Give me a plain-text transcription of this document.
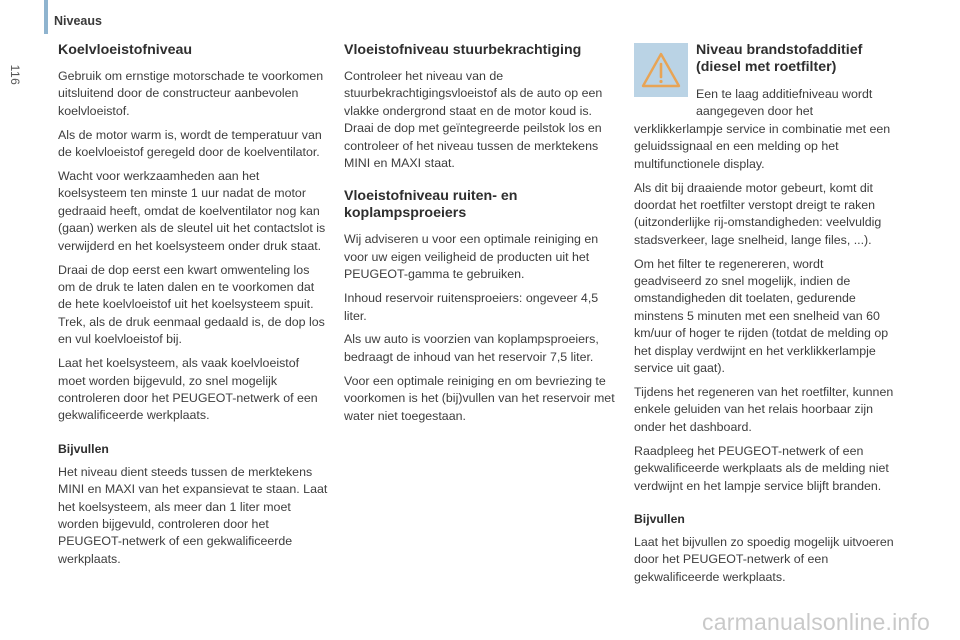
Niveaus
116
Koelvloeistofniveau

Gebruik om ernstige motorschade te voorkomen uitsluitend door de constructeur aanbevolen koelvloeistof.

Als de motor warm is, wordt de temperatuur van de koelvloeistof geregeld door de koelventilator.

Wacht voor werkzaamheden aan het koelsysteem ten minste 1 uur nadat de motor gedraaid heeft, omdat de koelventilator nog kan (gaan) werken als de sleutel uit het contactslot is verwijderd en het koelsysteem onder druk staat.

Draai de dop eerst een kwart omwenteling los om de druk te laten dalen en te voorkomen dat de hete koelvloeistof uit het koelsysteem spuit. Trek, als de druk eenmaal gedaald is, de dop los en vul koelvloeistof bij.

Laat het koelsysteem, als vaak koelvloeistof moet worden bijgevuld, zo snel mogelijk controleren door het PEUGEOT-netwerk of een gekwalificeerde werkplaats.

Bijvullen

Het niveau dient steeds tussen de merktekens MINI en MAXI van het expansievat te staan. Laat het koelsysteem, als meer dan 1 liter moet worden bijgevuld, controleren door het PEUGEOT-netwerk of een gekwalificeerde werkplaats.

Vloeistofniveau stuurbekrachtiging

Controleer het niveau van de stuurbekrachtigingsvloeistof als de auto op een vlakke ondergrond staat en de motor koud is. Draai de dop met geïntegreerde peilstok los en controleer of het niveau tussen de merktekens MINI en MAXI staat.

Vloeistofniveau ruiten- en koplampsproeiers

Wij adviseren u voor een optimale reiniging en voor uw eigen veiligheid de producten uit het PEUGEOT-gamma te gebruiken.

Inhoud reservoir ruitensproeiers: ongeveer 4,5 liter.

Als uw auto is voorzien van koplampsproeiers, bedraagt de inhoud van het reservoir 7,5 liter.

Voor een optimale reiniging en om bevriezing te voorkomen is het (bij)vullen van het reservoir met water niet toegestaan.

Niveau brandstofadditief (diesel met roetfilter)

Een te laag additiefniveau wordt aangegeven door het

verklikkerlampje service in combinatie met een geluidssignaal en een melding op het multifunctionele display.

Als dit bij draaiende motor gebeurt, komt dit doordat het roetfilter verstopt dreigt te raken (uitzonderlijke rij-omstandigheden: veelvuldig stadsverkeer, lage snelheid, lange files, ...).

Om het filter te regenereren, wordt geadviseerd zo snel mogelijk, indien de omstandigheden dit toelaten, gedurende minstens 5 minuten met een snelheid van 60 km/uur of hoger te rijden (totdat de melding op het display verdwijnt en het verklikkerlampje service uit gaat).

Tijdens het regeneren van het roetfilter, kunnen enkele geluiden van het relais hoorbaar zijn onder het dashboard.

Raadpleeg het PEUGEOT-netwerk of een gekwalificeerde werkplaats als de melding niet verdwijnt en het lampje service blijft branden.

Bijvullen

Laat het bijvullen zo spoedig mogelijk uitvoeren door het PEUGEOT-netwerk of een gekwalificeerde werkplaats.

carmanualsonline.info
